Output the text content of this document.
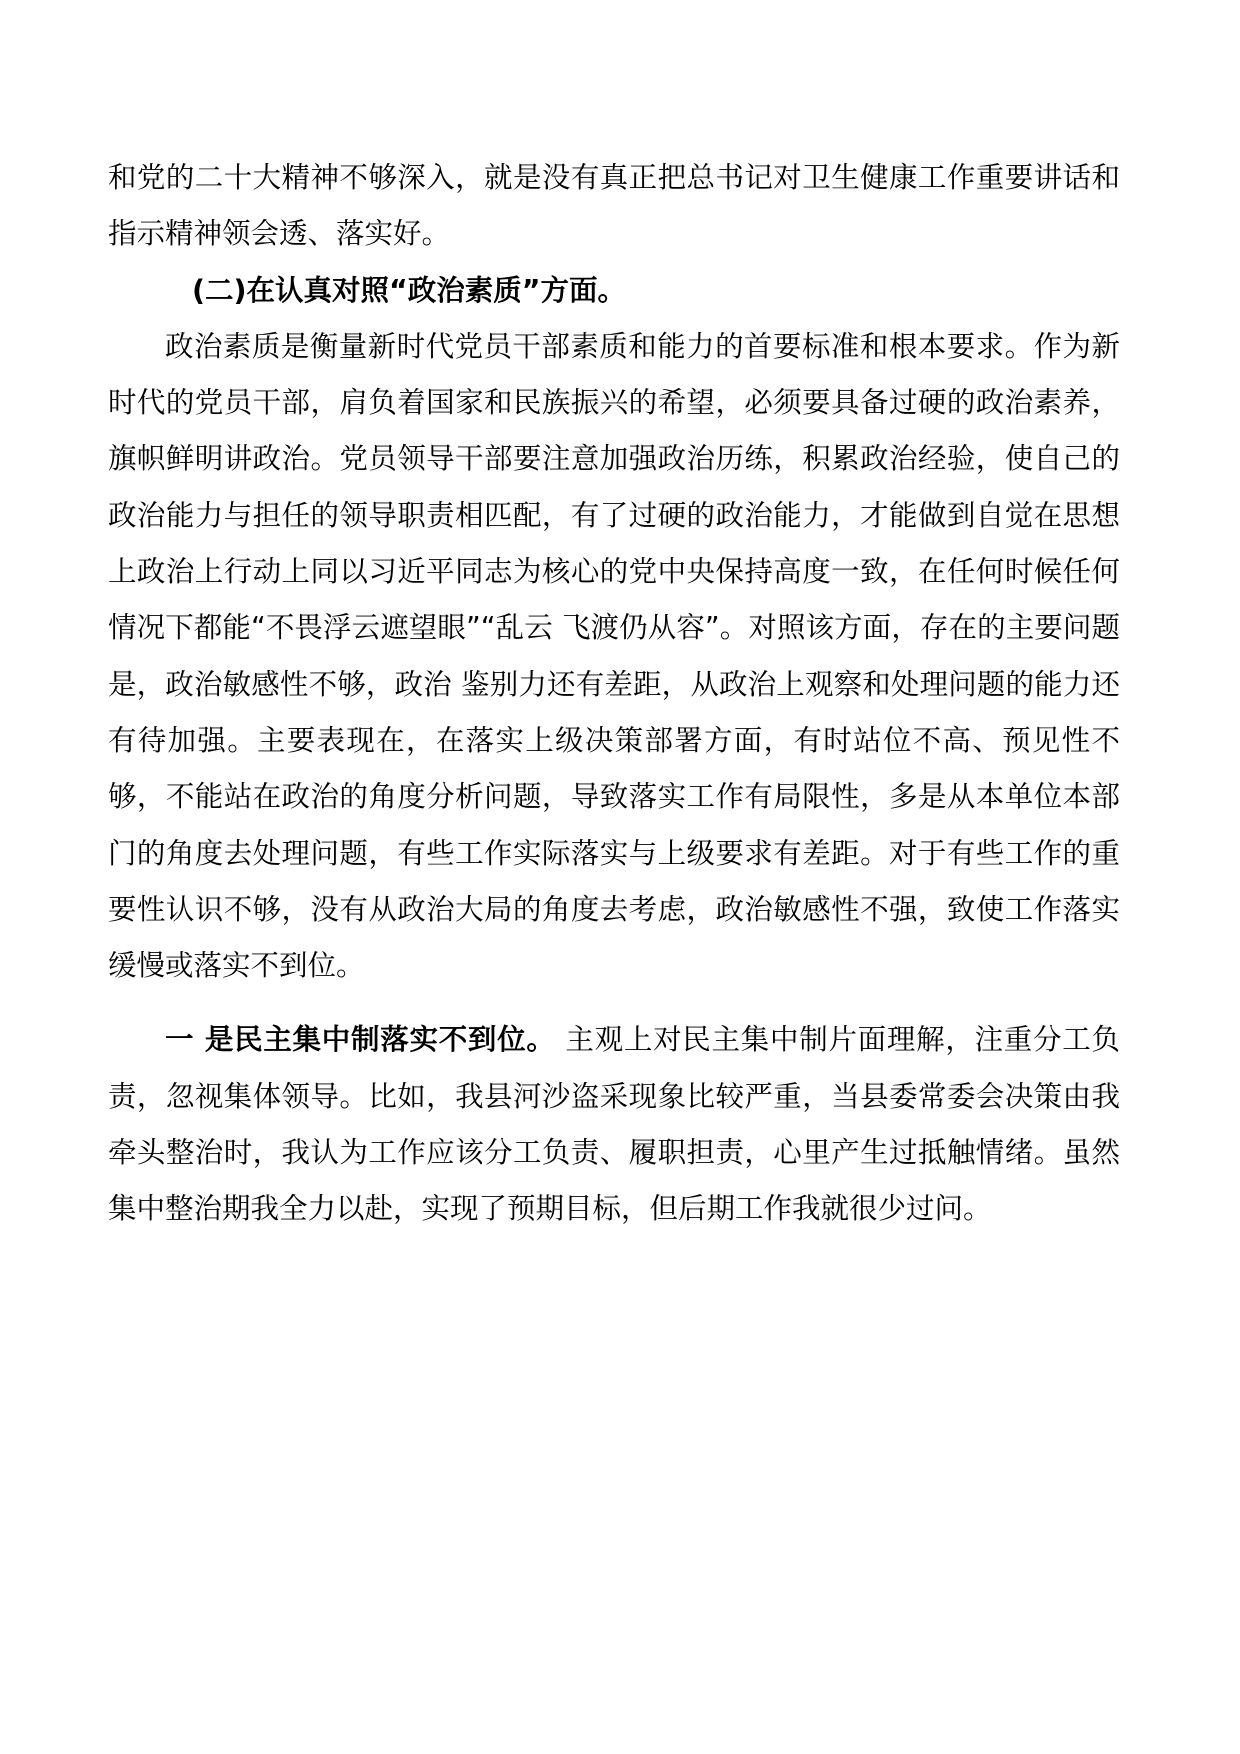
和党的二十大精神不够深入，就是没有真正把总书记对卫生健康工作重要讲话和指示精神领会透、落实好。

(二)在认真对照“政治素质”方面。

政治素质是衡量新时代党员干部素质和能力的首要标准和根本要求。作为新时代的党员干部，肩负着国家和民族振兴的希望，必须要具备过硬的政治素养，旗帜鲜明讲政治。党员领导干部要注意加强政治历练，积累政治经验，使自己的政治能力与担任的领导职责相匹配，有了过硬的政治能力，才能做到自觉在思想上政治上行动上同以习近平同志为核心的党中央保持高度一致，在任何时候任何情况下都能“不畏浮云遮望眼”“乱云 飞渡仍从容”。对照该方面，存在的主要问题是，政治敏感性不够，政治 鉴别力还有差距，从政治上观察和处理问题的能力还有待加强。主要表现在，在落实上级决策部署方面，有时站位不高、预见性不够，不能站在政治的角度分析问题，导致落实工作有局限性，多是从本单位本部门的角度去处理问题，有些工作实际落实与上级要求有差距。对于有些工作的重要性认识不够，没有从政治大局的角度去考虑，政治敏感性不强，致使工作落实缓慢或落实不到位。

一 是民主集中制落实不到位。 主观上对民主集中制片面理解，注重分工负责，忽视集体领导。比如，我县河沙盗采现象比较严重，当县委常委会决策由我牵头整治时，我认为工作应该分工负责、履职担责，心里产生过抵触情绪。虽然集中整治期我全力以赴，实现了预期目标，但后期工作我就很少过问。
